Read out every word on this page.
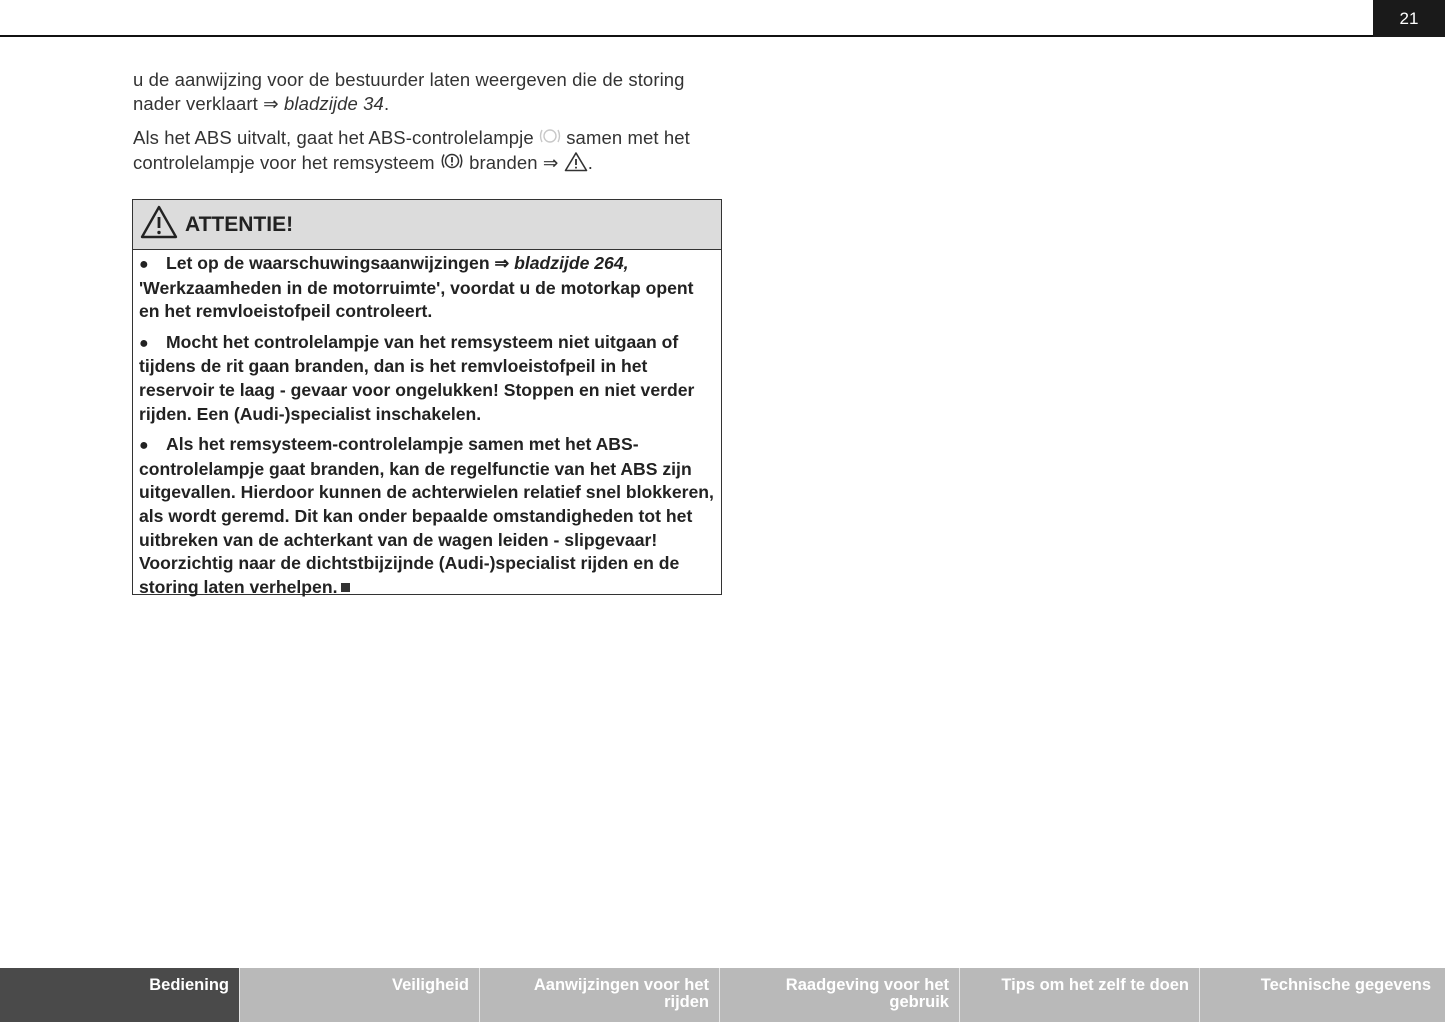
21

u de aanwijzing voor de bestuurder laten weergeven die de storing nader verklaart ⇒ bladzijde 34.

Als het ABS uitvalt, gaat het ABS-controlelampje  samen met het controlelampje voor het remsysteem  branden ⇒ .

ATTENTIE!
● Let op de waarschuwingsaanwijzingen ⇒ bladzijde 264, 'Werkzaamheden in de motorruimte', voordat u de motorkap opent en het remvloeistofpeil controleert.
● Mocht het controlelampje van het remsysteem niet uitgaan of tijdens de rit gaan branden, dan is het remvloeistofpeil in het reservoir te laag - gevaar voor ongelukken! Stoppen en niet verder rijden. Een (Audi-)specialist inschakelen.
● Als het remsysteem-controlelampje samen met het ABS-controlelampje gaat branden, kan de regelfunctie van het ABS zijn uitgevallen. Hierdoor kunnen de achterwielen relatief snel blokkeren, als wordt geremd. Dit kan onder bepaalde omstandigheden tot het uitbreken van de achterkant van de wagen leiden - slipgevaar! Voorzichtig naar de dichtstbijzijnde (Audi-)specialist rijden en de storing laten verhelpen.
Bediening	Veiligheid	Aanwijzingen voor het rijden
Raadgeving voor het gebruik
Tips om het zelf te doen	Technische gegevens
